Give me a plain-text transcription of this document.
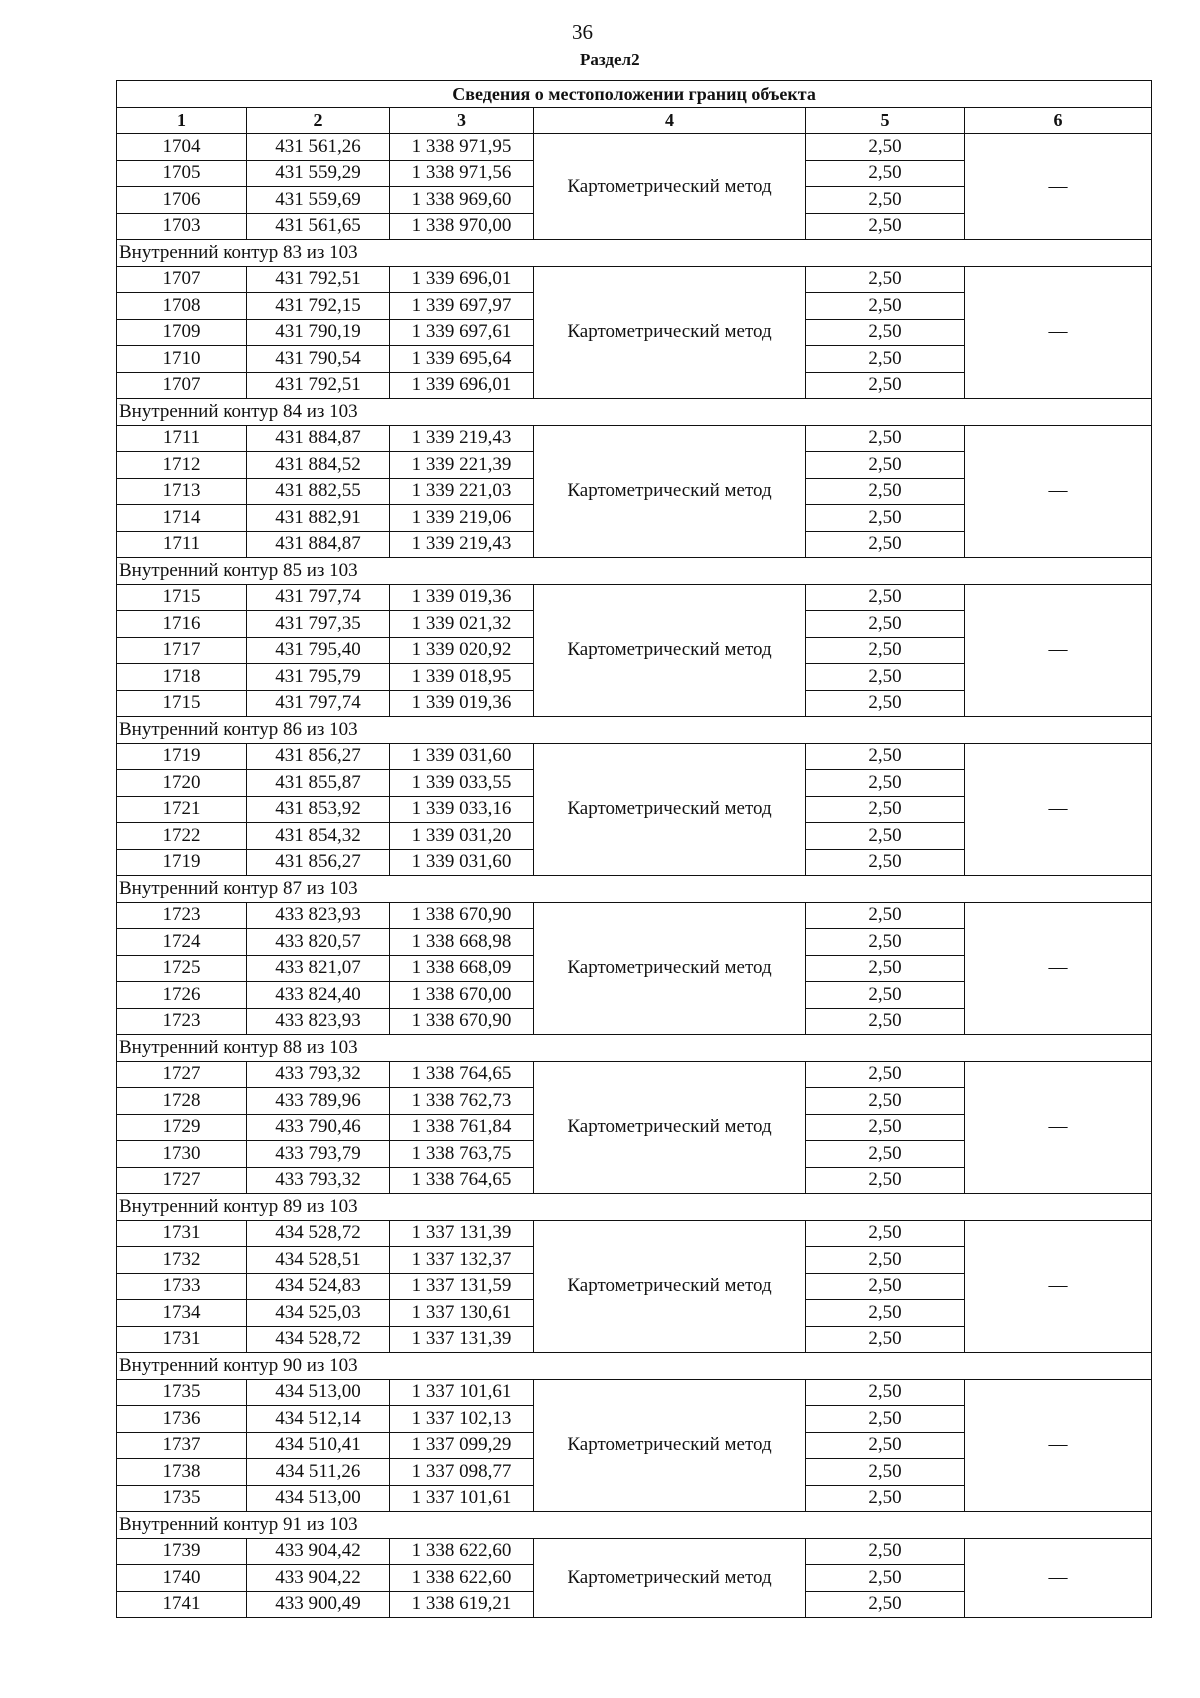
36
Раздел2
Сведения о местоположении границ объекта					
1	2	3	4	5	6
1704	431 561,26	1 338 971,95	Картометрический метод	2,50	—
1705	431 559,29	1 338 971,56		2,50	
1706	431 559,69	1 338 969,60		2,50	
1703	431 561,65	1 338 970,00		2,50	
Внутренний контур 83 из 103					
1707	431 792,51	1 339 696,01	Картометрический метод	2,50	—
1708	431 792,15	1 339 697,97		2,50	
1709	431 790,19	1 339 697,61		2,50	
1710	431 790,54	1 339 695,64		2,50	
1707	431 792,51	1 339 696,01		2,50	
Внутренний контур 84 из 103					
1711	431 884,87	1 339 219,43	Картометрический метод	2,50	—
1712	431 884,52	1 339 221,39		2,50	
1713	431 882,55	1 339 221,03		2,50	
1714	431 882,91	1 339 219,06		2,50	
1711	431 884,87	1 339 219,43		2,50	
Внутренний контур 85 из 103					
1715	431 797,74	1 339 019,36	Картометрический метод	2,50	—
1716	431 797,35	1 339 021,32		2,50	
1717	431 795,40	1 339 020,92		2,50	
1718	431 795,79	1 339 018,95		2,50	
1715	431 797,74	1 339 019,36		2,50	
Внутренний контур 86 из 103					
1719	431 856,27	1 339 031,60	Картометрический метод	2,50	—
1720	431 855,87	1 339 033,55		2,50	
1721	431 853,92	1 339 033,16		2,50	
1722	431 854,32	1 339 031,20		2,50	
1719	431 856,27	1 339 031,60		2,50	
Внутренний контур 87 из 103					
1723	433 823,93	1 338 670,90	Картометрический метод	2,50	—
1724	433 820,57	1 338 668,98		2,50	
1725	433 821,07	1 338 668,09		2,50	
1726	433 824,40	1 338 670,00		2,50	
1723	433 823,93	1 338 670,90		2,50	
Внутренний контур 88 из 103					
1727	433 793,32	1 338 764,65	Картометрический метод	2,50	—
1728	433 789,96	1 338 762,73		2,50	
1729	433 790,46	1 338 761,84		2,50	
1730	433 793,79	1 338 763,75		2,50	
1727	433 793,32	1 338 764,65		2,50	
Внутренний контур 89 из 103					
1731	434 528,72	1 337 131,39	Картометрический метод	2,50	—
1732	434 528,51	1 337 132,37		2,50	
1733	434 524,83	1 337 131,59		2,50	
1734	434 525,03	1 337 130,61		2,50	
1731	434 528,72	1 337 131,39		2,50	
Внутренний контур 90 из 103					
1735	434 513,00	1 337 101,61	Картометрический метод	2,50	—
1736	434 512,14	1 337 102,13		2,50	
1737	434 510,41	1 337 099,29		2,50	
1738	434 511,26	1 337 098,77		2,50	
1735	434 513,00	1 337 101,61		2,50	
Внутренний контур 91 из 103					
1739	433 904,42	1 338 622,60	Картометрический метод	2,50	—
1740	433 904,22	1 338 622,60		2,50	
1741	433 900,49	1 338 619,21		2,50	
